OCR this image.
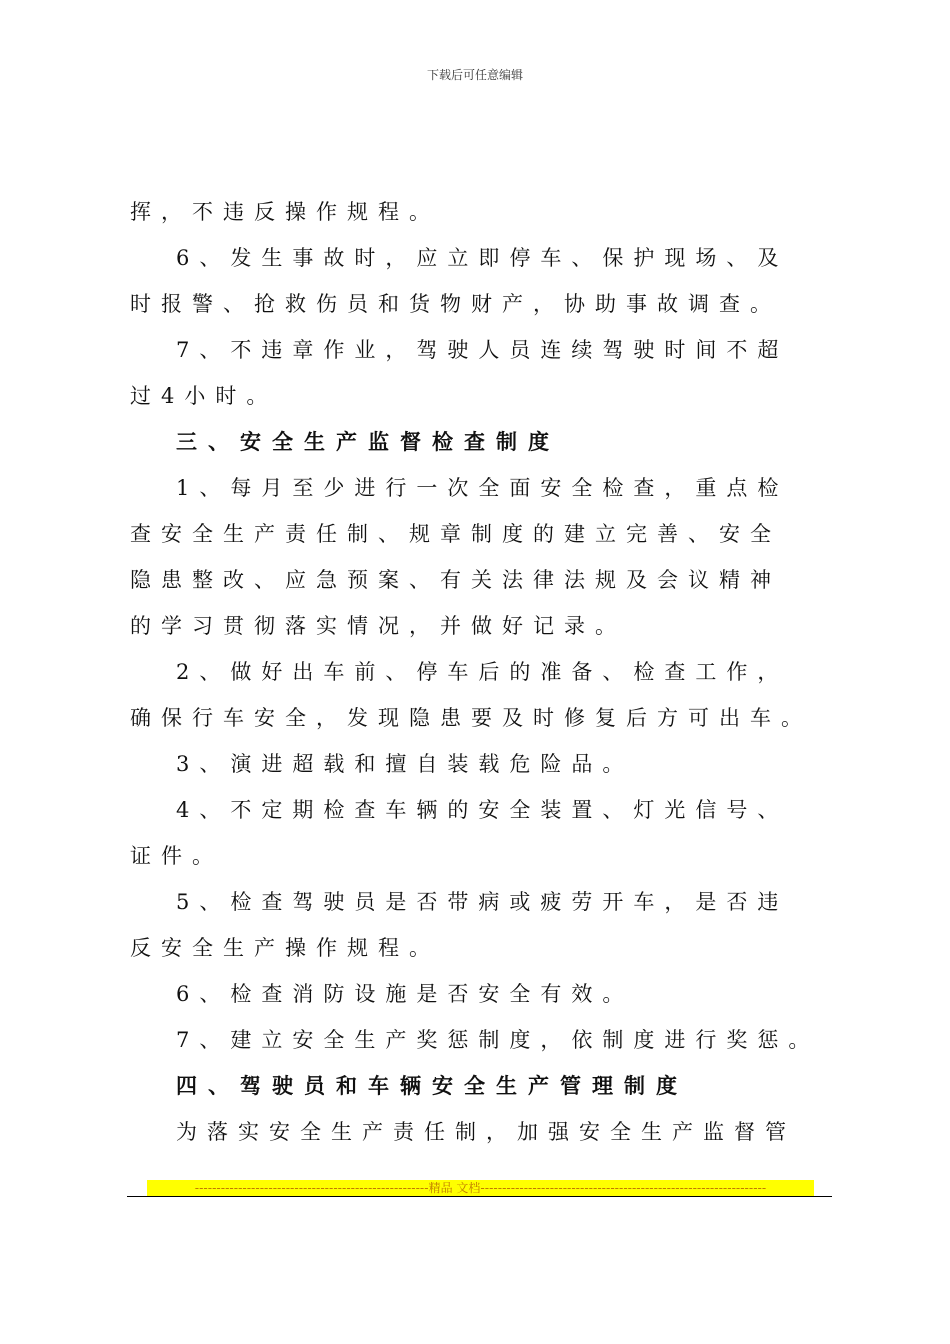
下载后可任意编辑
挥，不违反操作规程。
6、发生事故时，应立即停车、保护现场、及
时报警、抢救伤员和货物财产，协助事故调查。
7、不违章作业，驾驶人员连续驾驶时间不超
过4小时。
三、安全生产监督检查制度
1、每月至少进行一次全面安全检查，重点检
查安全生产责任制、规章制度的建立完善、安全
隐患整改、应急预案、有关法律法规及会议精神
的学习贯彻落实情况，并做好记录。
2、做好出车前、停车后的准备、检查工作，
确保行车安全，发现隐患要及时修复后方可出车。
3、演进超载和擅自装载危险品。
4、不定期检查车辆的安全装置、灯光信号、
证件。
5、检查驾驶员是否带病或疲劳开车，是否违
反安全生产操作规程。
6、检查消防设施是否安全有效。
7、建立安全生产奖惩制度，依制度进行奖惩。
四、驾驶员和车辆安全生产管理制度
为落实安全生产责任制，加强安全生产监督管
------------------------------------------------------精品 文档------------------------------------------------------------------
